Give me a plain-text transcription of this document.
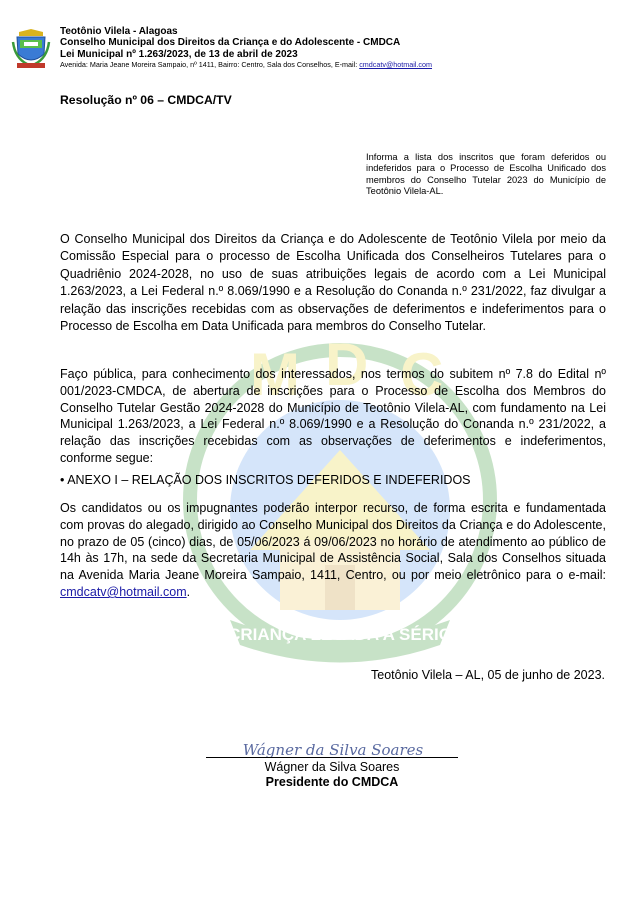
M D C
CRIANÇA LEVADA A SÉRIO
Teotônio Vilela - Alagoas
Conselho Municipal dos Direitos da Criança e do Adolescente - CMDCA
Lei Municipal nº 1.263/2023, de 13 de abril de 2023
Avenida: Maria Jeane Moreira Sampaio, nº 1411, Bairro: Centro, Sala dos Conselhos, E-mail: cmdcatv@hotmail.com
Resolução nº 06 – CMDCA/TV
Informa a lista dos inscritos que foram deferidos ou indeferidos para o Processo de Escolha Unificado dos membros do Conselho Tutelar 2023 do Município de Teotônio Vilela-AL.
O Conselho Municipal dos Direitos da Criança e do Adolescente de Teotônio Vilela por meio da Comissão Especial para o processo de Escolha Unificada dos Conselheiros Tutelares para o Quadriênio 2024-2028, no uso de suas atribuições legais de acordo com a Lei Municipal 1.263/2023, a Lei Federal n.º 8.069/1990 e a Resolução do Conanda n.º 231/2022, faz divulgar a relação das inscrições recebidas com as observações de deferimentos e indeferimentos para o Processo de Escolha em Data Unificada para membros do Conselho Tutelar.
Faço pública, para conhecimento dos interessados, nos termos do subitem nº 7.8 do Edital nº 001/2023-CMDCA, de abertura de inscrições para o Processo de Escolha dos Membros do Conselho Tutelar Gestão 2024-2028 do Município de Teotônio Vilela-AL, com fundamento na Lei Municipal 1.263/2023, a Lei Federal n.º 8.069/1990 e a Resolução do Conanda n.º 231/2022, a relação das inscrições recebidas com as observações de deferimentos e indeferimentos, conforme segue:
• ANEXO I – RELAÇÃO DOS INSCRITOS DEFERIDOS E INDEFERIDOS
Os candidatos ou os impugnantes poderão interpor recurso, de forma escrita e fundamentada com provas do alegado, dirigido ao Conselho Municipal dos Direitos da Criança e do Adolescente, no prazo de 05 (cinco) dias, de 05/06/2023 á 09/06/2023 no horário de atendimento ao público de 14h às 17h, na sede da Secretaria Municipal de Assistência Social, Sala dos Conselhos situada na Avenida Maria Jeane Moreira Sampaio, 1411, Centro, ou por meio eletrônico para o e-mail: cmdcatv@hotmail.com.
Teotônio Vilela – AL, 05 de junho de 2023.
Wágner da Silva Soares
Wágner da Silva Soares
Presidente do CMDCA
